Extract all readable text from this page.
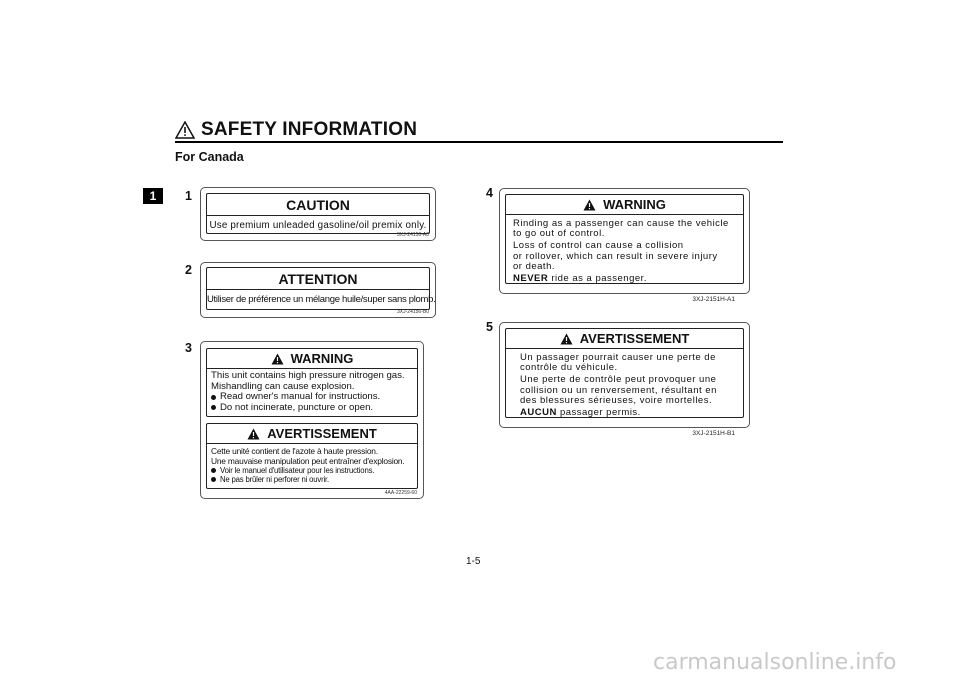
1
SAFETY INFORMATION
For Canada
1
CAUTION
Use premium unleaded gasoline/oil premix only.
3XJ-24156-A0
2
ATTENTION
Utiliser de préférence un mélange huile/super sans plomb.
3XJ-24156-B0
3
WARNING
This unit contains high pressure nitrogen gas.
Mishandling can cause explosion.
Read owner's manual for instructions.
Do not incinerate, puncture or open.
AVERTISSEMENT
Cette unité contient de l'azote à haute pression.
Une mauvaise manipulation peut entraîner d'explosion.
Voir le manuel d'utilisateur pour les instructions.
Ne pas brûler ni perforer ni ouvrir.
4AA-22259-60
4
WARNING
Rinding as a passenger can cause the vehicle
to go out of control.
Loss of control can cause a collision
or rollover, which can result in severe injury
or death.
NEVER ride as a passenger.
3XJ-2151H-A1
5
AVERTISSEMENT
Un passager pourrait causer une perte de
contrôle du véhicule.
Une perte de contrôle peut provoquer une
collision ou un renversement, résultant en
des blessures sérieuses, voire mortelles.
AUCUN passager permis.
3XJ-2151H-B1
1-5
carmanualsonline.info
